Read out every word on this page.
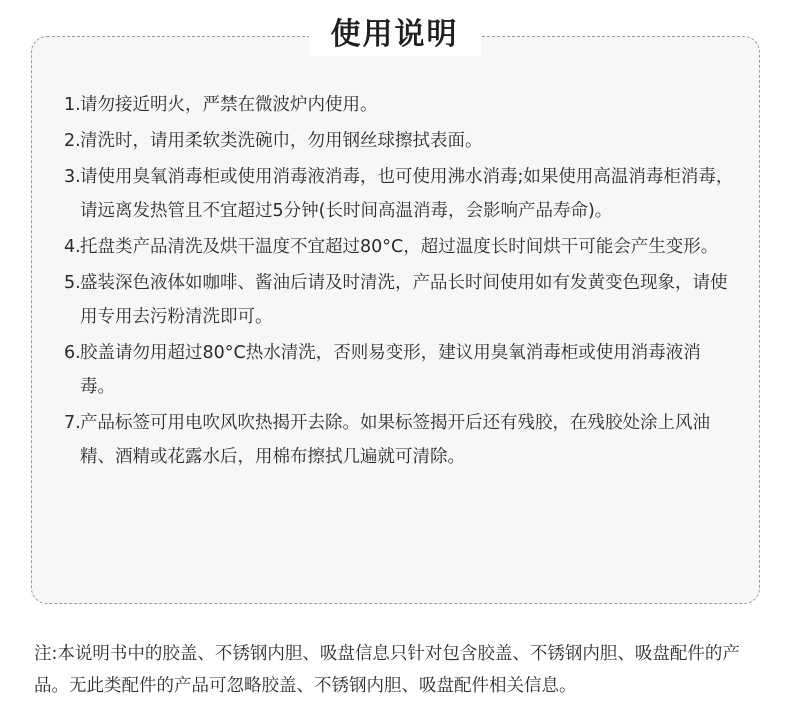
使用说明
1. 请勿接近明火，严禁在微波炉内使用。
2. 清洗时，请用柔软类洗碗巾，勿用钢丝球擦拭表面。
3. 请使用臭氧消毒柜或使用消毒液消毒，也可使用沸水消毒;如果使用高温消毒柜消毒，请远离发热管且不宜超过5分钟(长时间高温消毒，会影响产品寿命)。
4. 托盘类产品清洗及烘干温度不宜超过80°C，超过温度长时间烘干可能会产生变形。
5. 盛装深色液体如咖啡、酱油后请及时清洗，产品长时间使用如有发黄变色现象，请使用专用去污粉清洗即可。
6. 胶盖请勿用超过80°C热水清洗，否则易变形，建议用臭氧消毒柜或使用消毒液消毒。
7. 产品标签可用电吹风吹热揭开去除。如果标签揭开后还有残胶，在残胶处涂上风油精、酒精或花露水后，用棉布擦拭几遍就可清除。
注:本说明书中的胶盖、不锈钢内胆、吸盘信息只针对包含胶盖、不锈钢内胆、吸盘配件的产品。无此类配件的产品可忽略胶盖、不锈钢内胆、吸盘配件相关信息。
